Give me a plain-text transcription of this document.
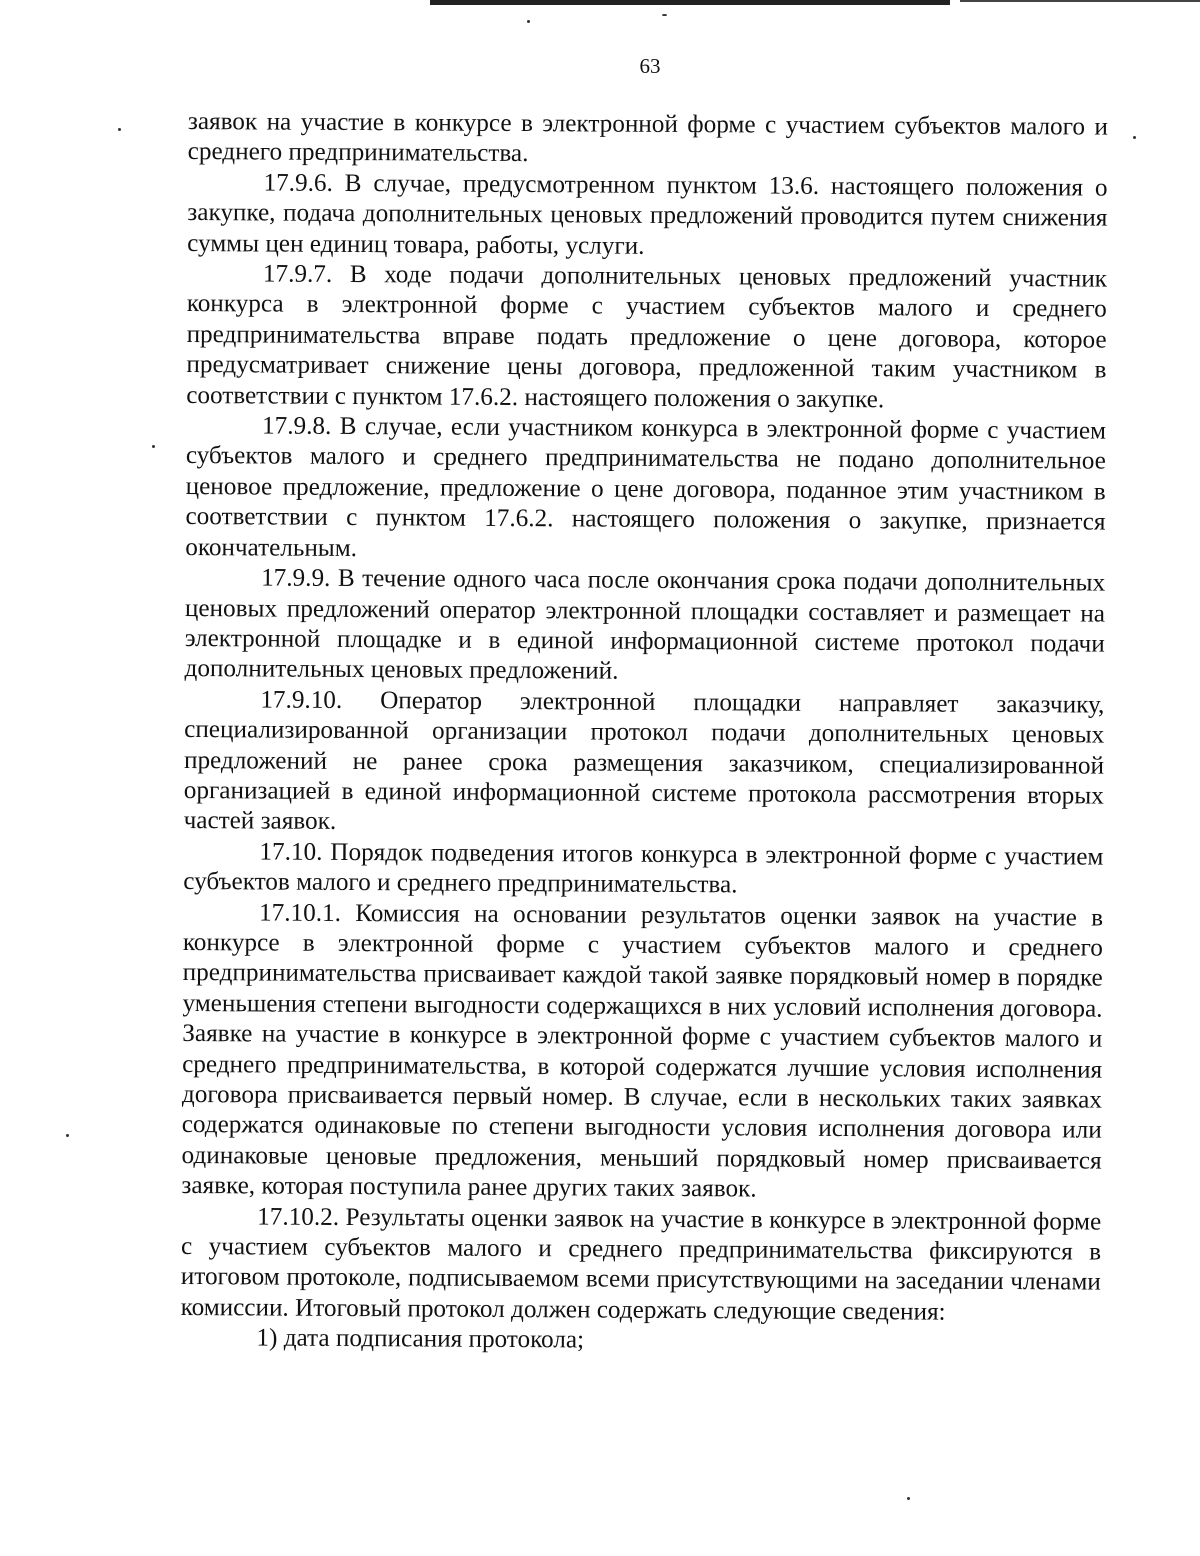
63

заявок на участие в конкурсе в электронной форме с участием субъектов малого и среднего предпринимательства.

17.9.6. В случае, предусмотренном пунктом 13.6. настоящего положения о закупке, подача дополнительных ценовых предложений проводится путем снижения суммы цен единиц товара, работы, услуги.

17.9.7. В ходе подачи дополнительных ценовых предложений участник конкурса в электронной форме с участием субъектов малого и среднего предпринимательства вправе подать предложение о цене договора, которое предусматривает снижение цены договора, предложенной таким участником в соответствии с пунктом 17.6.2. настоящего положения о закупке.

17.9.8. В случае, если участником конкурса в электронной форме с участием субъектов малого и среднего предпринимательства не подано дополнительное ценовое предложение, предложение о цене договора, поданное этим участником в соответствии с пунктом 17.6.2. настоящего положения о закупке, признается окончательным.

17.9.9. В течение одного часа после окончания срока подачи дополнительных ценовых предложений оператор электронной площадки составляет и размещает на электронной площадке и в единой информационной системе протокол подачи дополнительных ценовых предложений.

17.9.10. Оператор электронной площадки направляет заказчику, специализированной организации протокол подачи дополнительных ценовых предложений не ранее срока размещения заказчиком, специализированной организацией в единой информационной системе протокола рассмотрения вторых частей заявок.

17.10. Порядок подведения итогов конкурса в электронной форме с участием субъектов малого и среднего предпринимательства.

17.10.1. Комиссия на основании результатов оценки заявок на участие в конкурсе в электронной форме с участием субъектов малого и среднего предпринимательства присваивает каждой такой заявке порядковый номер в порядке уменьшения степени выгодности содержащихся в них условий исполнения договора. Заявке на участие в конкурсе в электронной форме с участием субъектов малого и среднего предпринимательства, в которой содержатся лучшие условия исполнения договора присваивается первый номер. В случае, если в нескольких таких заявках содержатся одинаковые по степени выгодности условия исполнения договора или одинаковые ценовые предложения, меньший порядковый номер присваивается заявке, которая поступила ранее других таких заявок.

17.10.2. Результаты оценки заявок на участие в конкурсе в электронной форме с участием субъектов малого и среднего предпринимательства фиксируются в итоговом протоколе, подписываемом всеми присутствующими на заседании членами комиссии. Итоговый протокол должен содержать следующие сведения:

1) дата подписания протокола;
